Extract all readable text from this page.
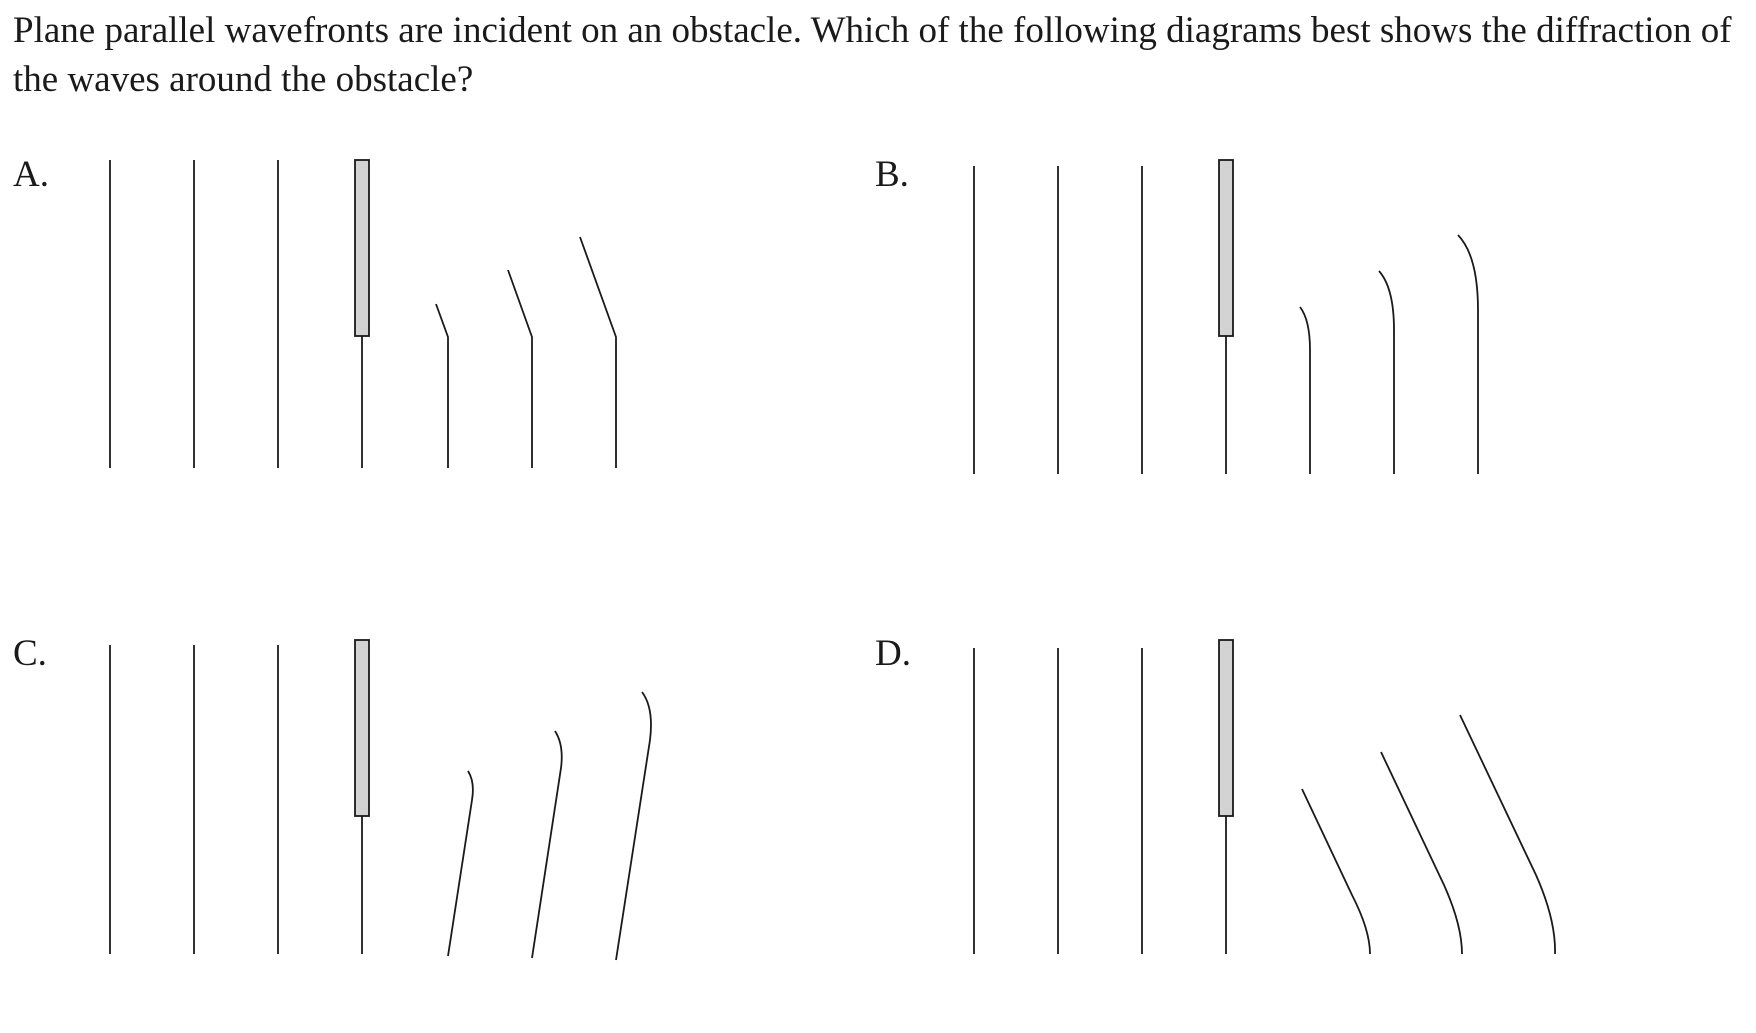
Plane parallel wavefronts are incident on an obstacle. Which of the following diagrams best shows the diffraction of the waves around the obstacle?

A.	B.
C.	D.
